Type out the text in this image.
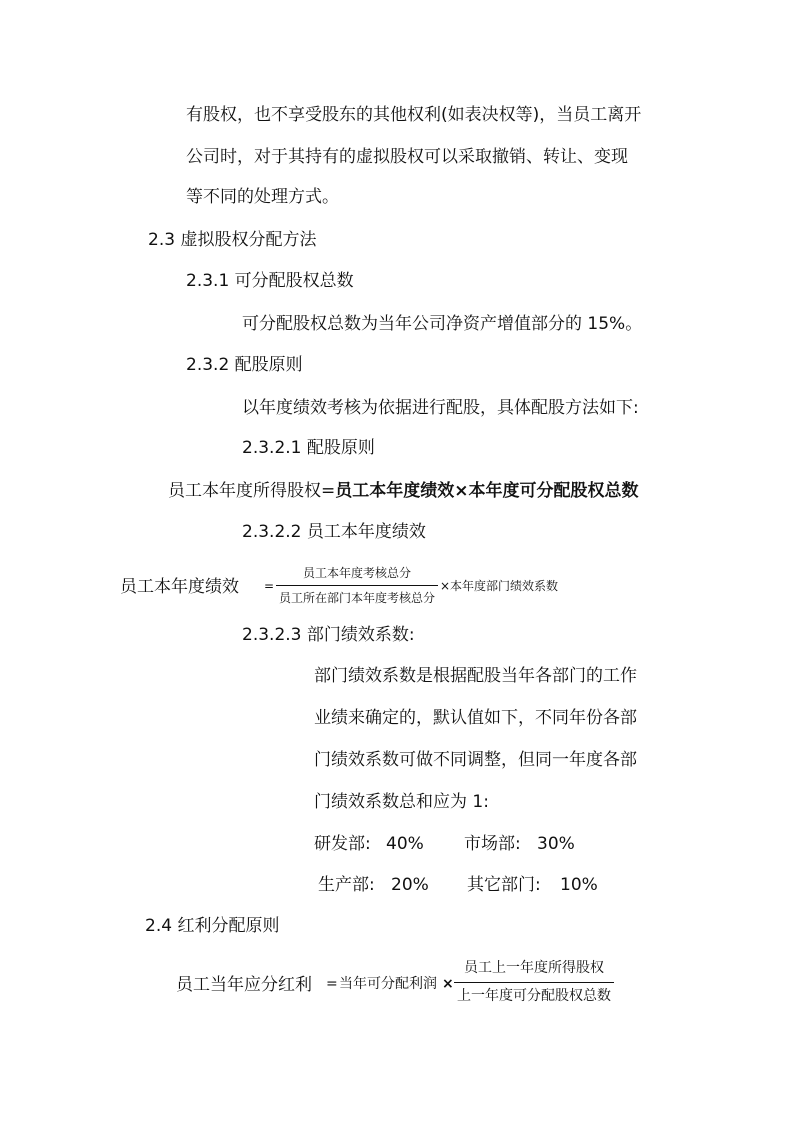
有股权，也不享受股东的其他权利(如表决权等)，当员工离开
公司时，对于其持有的虚拟股权可以采取撤销、转让、变现
等不同的处理方式。
2.3 虚拟股权分配方法
2.3.1 可分配股权总数
可分配股权总数为当年公司净资产增值部分的 15%。
2.3.2 配股原则
以年度绩效考核为依据进行配股，具体配股方法如下:
2.3.2.1 配股原则
员工本年度所得股权=员工本年度绩效×本年度可分配股权总数
2.3.2.2 员工本年度绩效
员工本年度绩效 =
员工本年度考核总分
员工所在部门本年度考核总分
×本年度部门绩效系数
2.3.2.3 部门绩效系数:
部门绩效系数是根据配股当年各部门的工作
业绩来确定的，默认值如下，不同年份各部
门绩效系数可做不同调整，但同一年度各部
门绩效系数总和应为 1:
研发部: 40% 市场部: 30%
生产部: 20% 其它部门: 10%
2.4 红利分配原则
员工当年应分红利 = 当年可分配利润 ×
员工上一年度所得股权
上一年度可分配股权总数
